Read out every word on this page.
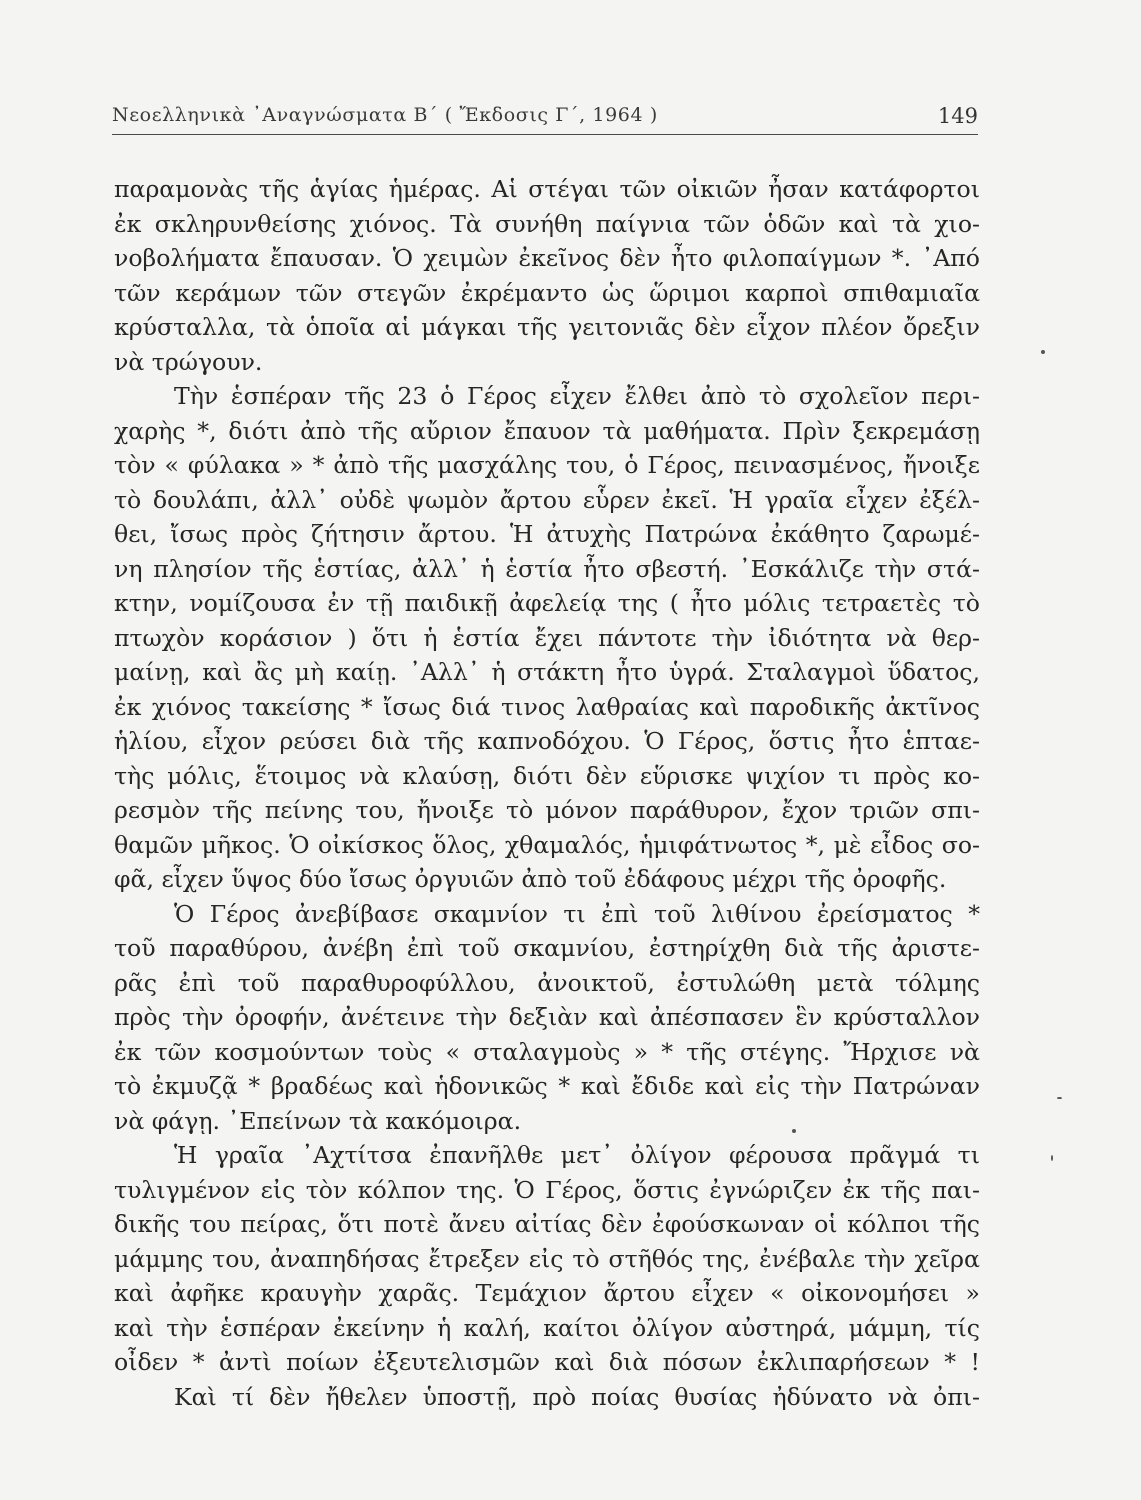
Νεοελληνικὰ ᾿Αναγνώσματα Β΄ ( Ἔκδοσις Γ΄, 1964 )	149
παραμονὰς τῆς ἁγίας ἡμέρας. Αἱ στέγαι τῶν οἰκιῶν ἦσαν κατάφορτοι
ἐκ σκληρυνθείσης χιόνος. Τὰ συνήθη παίγνια τῶν ὁδῶν καὶ τὰ χιο-
νοβολήματα ἔπαυσαν. Ὁ χειμὼν ἐκεῖνος δὲν ἦτο φιλοπαίγμων *. ᾿Από
τῶν κεράμων τῶν στεγῶν ἐκρέμαντο ὡς ὥριμοι καρποὶ σπιθαμιαῖα
κρύσταλλα, τὰ ὁποῖα αἱ μάγκαι τῆς γειτονιᾶς δὲν εἶχον πλέον ὄρεξιν
νὰ τρώγουν.
Τὴν ἑσπέραν τῆς 23 ὁ Γέρος εἶχεν ἔλθει ἀπὸ τὸ σχολεῖον περι-
χαρὴς *, διότι ἀπὸ τῆς αὔριον ἔπαυον τὰ μαθήματα. Πρὶν ξεκρεμάσῃ
τὸν « φύλακα » * ἀπὸ τῆς μασχάλης του, ὁ Γέρος, πεινασμένος, ἤνοιξε
τὸ δουλάπι, ἀλλ᾿ οὐδὲ ψωμὸν ἄρτου εὗρεν ἐκεῖ. Ἡ γραῖα εἶχεν ἐξέλ-
θει, ἴσως πρὸς ζήτησιν ἄρτου. Ἡ ἀτυχὴς Πατρώνα ἐκάθητο ζαρωμέ-
νη πλησίον τῆς ἑστίας, ἀλλ᾿ ἡ ἑστία ἦτο σβεστή. ᾿Εσκάλιζε τὴν στά-
κτην, νομίζουσα ἐν τῇ παιδικῇ ἀφελείᾳ της ( ἦτο μόλις τετραετὲς τὸ
πτωχὸν κοράσιον ) ὅτι ἡ ἑστία ἔχει πάντοτε τὴν ἰδιότητα νὰ θερ-
μαίνῃ, καὶ ἂς μὴ καίῃ. ᾿Αλλ᾿ ἡ στάκτη ἦτο ὑγρά. Σταλαγμοὶ ὕδατος,
ἐκ χιόνος τακείσης * ἴσως διά τινος λαθραίας καὶ παροδικῆς ἀκτῖνος
ἡλίου, εἶχον ρεύσει διὰ τῆς καπνοδόχου. Ὁ Γέρος, ὅστις ἦτο ἑπταε-
τὴς μόλις, ἕτοιμος νὰ κλαύσῃ, διότι δὲν εὕρισκε ψιχίον τι πρὸς κο-
ρεσμὸν τῆς πείνης του, ἤνοιξε τὸ μόνον παράθυρον, ἔχον τριῶν σπι-
θαμῶν μῆκος. Ὁ οἰκίσκος ὅλος, χθαμαλός, ἡμιφάτνωτος *, μὲ εἶδος σο-
φᾶ, εἶχεν ὕψος δύο ἴσως ὀργυιῶν ἀπὸ τοῦ ἐδάφους μέχρι τῆς ὀροφῆς.
Ὁ Γέρος ἀνεβίβασε σκαμνίον τι ἐπὶ τοῦ λιθίνου ἐρείσματος *
τοῦ παραθύρου, ἀνέβη ἐπὶ τοῦ σκαμνίου, ἐστηρίχθη διὰ τῆς ἀριστε-
ρᾶς ἐπὶ τοῦ παραθυροφύλλου, ἀνοικτοῦ, ἐστυλώθη μετὰ τόλμης
πρὸς τὴν ὀροφήν, ἀνέτεινε τὴν δεξιὰν καὶ ἀπέσπασεν ἓν κρύσταλλον
ἐκ τῶν κοσμούντων τοὺς « σταλαγμοὺς » * τῆς στέγης. Ἤρχισε νὰ
τὸ ἐκμυζᾷ * βραδέως καὶ ἡδονικῶς * καὶ ἔδιδε καὶ εἰς τὴν Πατρώναν
νὰ φάγῃ. ᾿Επείνων τὰ κακόμοιρα.
Ἡ γραῖα ᾿Αχτίτσα ἐπανῆλθε μετ᾿ ὀλίγον φέρουσα πρᾶγμά τι
τυλιγμένον εἰς τὸν κόλπον της. Ὁ Γέρος, ὅστις ἐγνώριζεν ἐκ τῆς παι-
δικῆς του πείρας, ὅτι ποτὲ ἄνευ αἰτίας δὲν ἐφούσκωναν οἱ κόλποι τῆς
μάμμης του, ἀναπηδήσας ἔτρεξεν εἰς τὸ στῆθός της, ἐνέβαλε τὴν χεῖρα
καὶ ἀφῆκε κραυγὴν χαρᾶς. Τεμάχιον ἄρτου εἶχεν « οἰκονομήσει »
καὶ τὴν ἑσπέραν ἐκείνην ἡ καλή, καίτοι ὀλίγον αὐστηρά, μάμμη, τίς
οἶδεν * ἀντὶ ποίων ἐξευτελισμῶν καὶ διὰ πόσων ἐκλιπαρήσεων * !
Καὶ τί δὲν ἤθελεν ὑποστῇ, πρὸ ποίας θυσίας ἠδύνατο νὰ ὀπι-
